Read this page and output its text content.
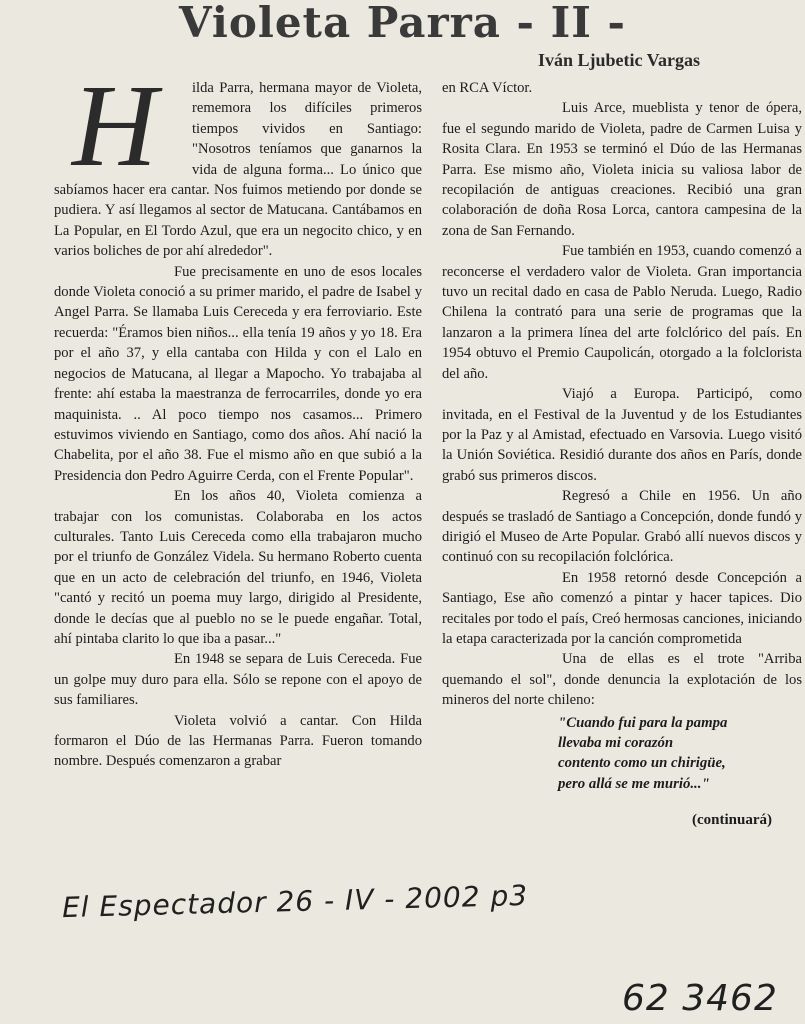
Violeta Parra - II -
Iván Ljubetic Vargas

H	ilda Parra, hermana mayor de Violeta, rememora los difíciles primeros tiempos vividos en Santiago: "Nosotros teníamos que ganarnos la vida de alguna forma... Lo único que sabíamos hacer era cantar. Nos fuimos metiendo por donde se pudiera. Y así llegamos al sector de Matucana. Cantábamos en La Popular, en El Tordo Azul, que era un negocito chico, y en varios boliches de por ahí alrededor".

Fue precisamente en uno de esos locales donde Violeta conoció a su primer marido, el padre de Isabel y Angel Parra. Se llamaba Luis Cereceda y era ferroviario. Este recuerda: "Éramos bien niños... ella tenía 19 años y yo 18. Era por el año 37, y ella cantaba con Hilda y con el Lalo en negocios de Matucana, al llegar a Mapocho. Yo trabajaba al frente: ahí estaba la maestranza de ferrocarriles, donde yo era maquinista. .. Al poco tiempo nos casamos... Primero estuvimos viviendo en Santiago, como dos años. Ahí nació la Chabelita, por el año 38. Fue el mismo año en que subió a la Presidencia don Pedro Aguirre Cerda, con el Frente Popular".

En los años 40, Violeta comienza a trabajar con los comunistas. Colaboraba en los actos culturales. Tanto Luis Cereceda como ella trabajaron mucho por el triunfo de González Videla. Su hermano Roberto cuenta que en un acto de celebración del triunfo, en 1946, Violeta "cantó y recitó un poema muy largo, dirigido al Presidente, donde le decías que al pueblo no se le puede engañar. Total, ahí pintaba clarito lo que iba a pasar..."

En 1948 se separa de Luis Cereceda. Fue un golpe muy duro para ella. Sólo se repone con el apoyo de sus familiares.

Violeta volvió a cantar. Con Hilda formaron el Dúo de las Hermanas Parra. Fueron tomando nombre. Después comenzaron a grabar

en RCA Víctor.

Luis Arce, mueblista y tenor de ópera, fue el segundo marido de Violeta, padre de Carmen Luisa y Rosita Clara. En 1953 se terminó el Dúo de las Hermanas Parra. Ese mismo año, Violeta inicia su valiosa labor de recopilación de antiguas creaciones. Recibió una gran colaboración de doña Rosa Lorca, cantora campesina de la zona de San Fernando.

Fue también en 1953, cuando comenzó a reconcerse el verdadero valor de Violeta. Gran importancia tuvo un recital dado en casa de Pablo Neruda. Luego, Radio Chilena la contrató para una serie de programas que la lanzaron a la primera línea del arte folclórico del país. En 1954 obtuvo el Premio Caupolicán, otorgado a la folclorista del año.

Viajó a Europa. Participó, como invitada, en el Festival de la Juventud y de los Estudiantes por la Paz y al Amistad, efectuado en Varsovia. Luego visitó la Unión Soviética. Residió durante dos años en París, donde grabó sus primeros discos.

Regresó a Chile en 1956. Un año después se trasladó de Santiago a Concepción, donde fundó y dirigió el Museo de Arte Popular. Grabó allí nuevos discos y continuó con su recopilación folclórica.

En 1958 retornó desde Concepción a Santiago, Ese año comenzó a pintar y hacer tapices. Dio recitales por todo el país, Creó hermosas canciones, iniciando la etapa caracterizada por la canción comprometida

Una de ellas es el trote "Arriba quemando el sol", donde denuncia la explotación de los mineros del norte chileno:

"Cuando fui para la pampa
llevaba mi corazón
contento como un chirigüe,
pero allá se me murió..."
(continuará)
El Espectador 26 - IV - 2002 p3
62 3462
